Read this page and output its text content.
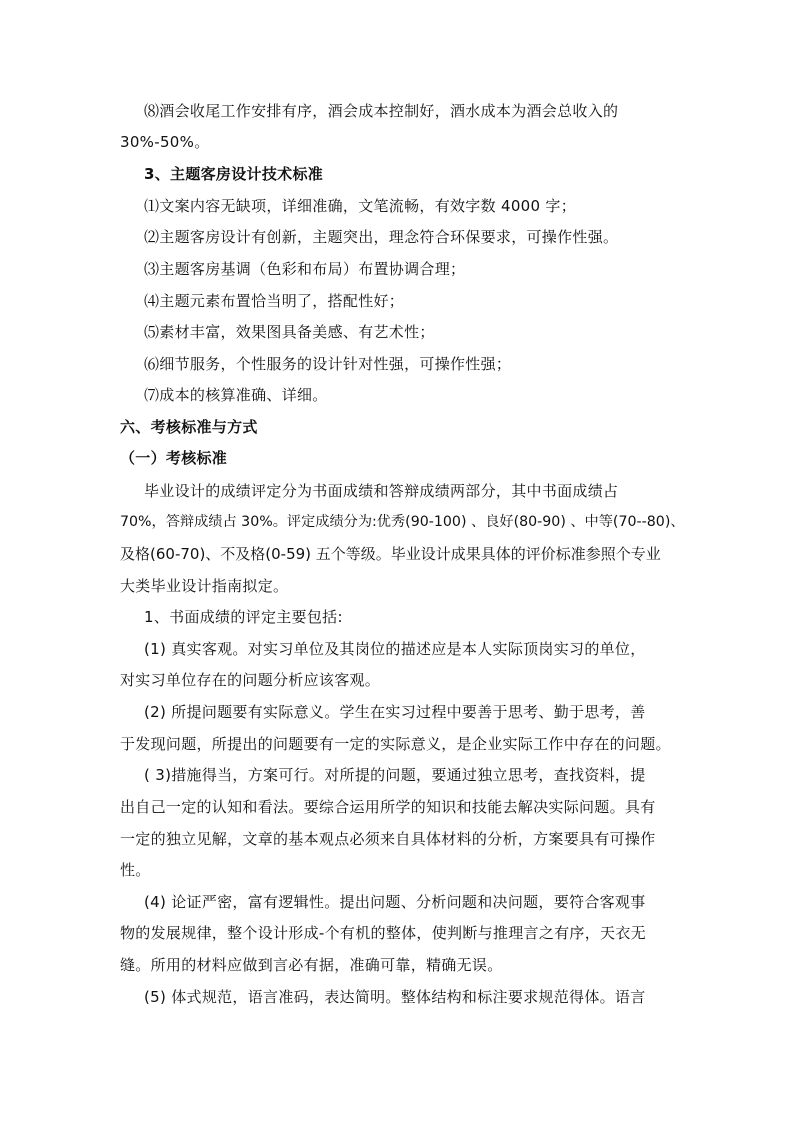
⑻酒会收尾工作安排有序，酒会成本控制好，酒水成本为酒会总收入的
30%-50%。
3、主题客房设计技术标准
⑴文案内容无缺项，详细准确，文笔流畅，有效字数 4000 字；
⑵主题客房设计有创新，主题突出，理念符合环保要求，可操作性强。
⑶主题客房基调（色彩和布局）布置协调合理；
⑷主题元素布置恰当明了，搭配性好；
⑸素材丰富，效果图具备美感、有艺术性；
⑹细节服务，个性服务的设计针对性强，可操作性强；
⑺成本的核算准确、详细。
六、考核标准与方式
（一）考核标准
毕业设计的成绩评定分为书面成绩和答辩成绩两部分，其中书面成绩占
70%，答辩成绩占 30%。评定成绩分为:优秀(90-100) 、良好(80-90) 、中等(70--80)、
及格(60-70)、不及格(0-59) 五个等级。毕业设计成果具体的评价标准参照个专业
大类毕业设计指南拟定。
1、书面成绩的评定主要包括:
(1) 真实客观。对实习单位及其岗位的描述应是本人实际顶岗实习的单位，
对实习单位存在的问题分析应该客观。
(2) 所提问题要有实际意义。学生在实习过程中要善于思考、勤于思考，善
于发现问题，所提出的问题要有一定的实际意义，是企业实际工作中存在的问题。
( 3)措施得当，方案可行。对所提的问题，要通过独立思考，查找资料，提
出自己一定的认知和看法。要综合运用所学的知识和技能去解决实际问题。具有
一定的独立见解，文章的基本观点必须来自具体材料的分析，方案要具有可操作
性。
(4) 论证严密，富有逻辑性。提出问题、分析问题和决问题，要符合客观事
物的发展规律，整个设计形成-个有机的整体，使判断与推理言之有序，天衣无
缝。所用的材料应做到言必有据，准确可靠，精确无误。
(5) 体式规范，语言准码，表达简明。整体结构和标注要求规范得体。语言
